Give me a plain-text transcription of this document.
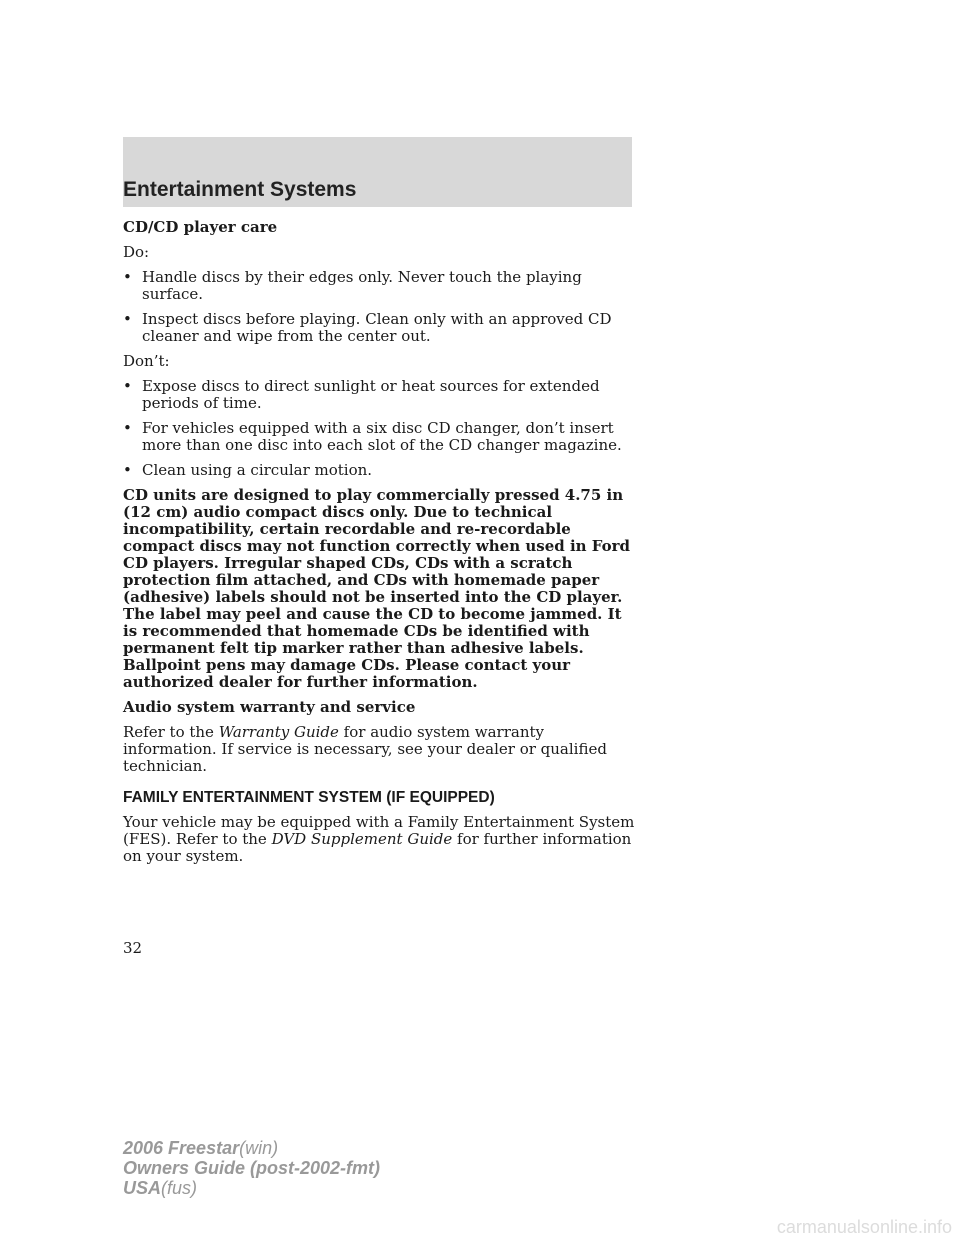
Entertainment Systems
CD/CD player care
Do:
• Handle discs by their edges only. Never touch the playing surface.
• Inspect discs before playing. Clean only with an approved CD cleaner and wipe from the center out.
Don’t:
• Expose discs to direct sunlight or heat sources for extended periods of time.
• For vehicles equipped with a six disc CD changer, don’t insert more than one disc into each slot of the CD changer magazine.
• Clean using a circular motion.
CD units are designed to play commercially pressed 4.75 in (12 cm) audio compact discs only. Due to technical incompatibility, certain recordable and re-recordable compact discs may not function correctly when used in Ford CD players. Irregular shaped CDs, CDs with a scratch protection film attached, and CDs with homemade paper (adhesive) labels should not be inserted into the CD player. The label may peel and cause the CD to become jammed. It is recommended that homemade CDs be identified with permanent felt tip marker rather than adhesive labels. Ballpoint pens may damage CDs. Please contact your authorized dealer for further information.
Audio system warranty and service
Refer to the Warranty Guide for audio system warranty information. If service is necessary, see your dealer or qualified technician.
FAMILY ENTERTAINMENT SYSTEM (IF EQUIPPED)
Your vehicle may be equipped with a Family Entertainment System (FES). Refer to the DVD Supplement Guide for further information on your system.
32
2006 Freestar(win)
Owners Guide (post-2002-fmt)
USA(fus)
carmanualsonline.info
